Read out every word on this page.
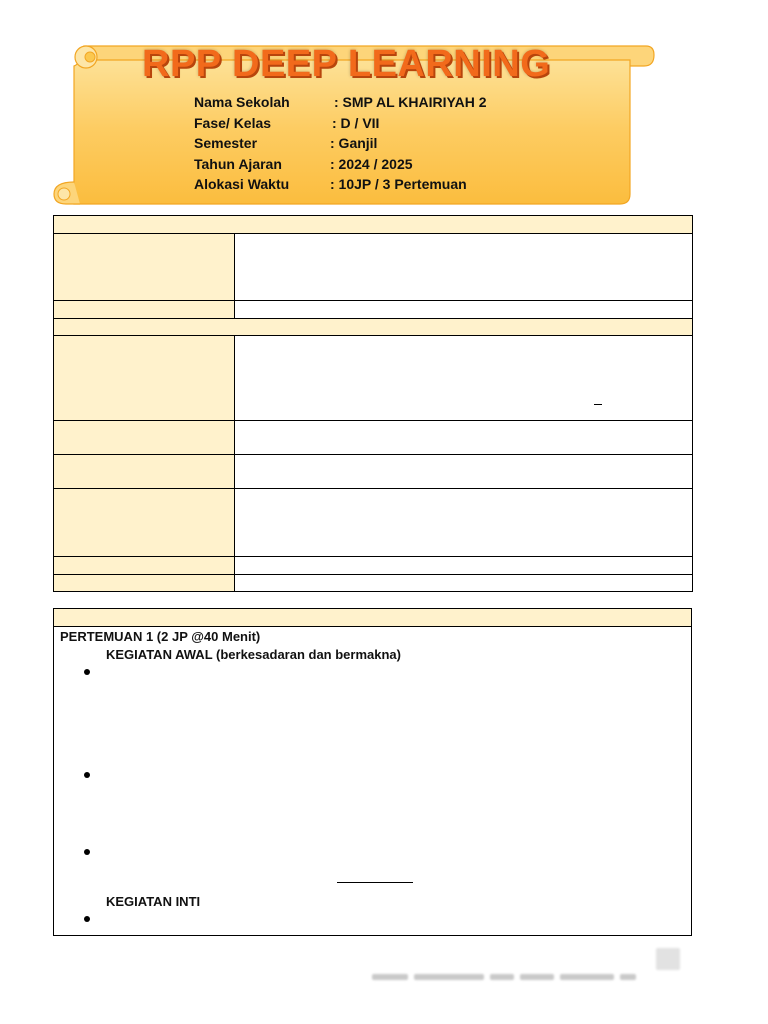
RPP DEEP LEARNING
Nama Sekolah	: SMP AL KHAIRIYAH 2
Fase/ Kelas	: D / VII
Semester	: Ganjil
Tahun Ajaran	: 2024 / 2025
Alokasi Waktu	: 10JP / 3 Pertemuan

PERTEMUAN 1 (2 JP @40 Menit)
KEGIATAN AWAL (berkesadaran dan bermakna)
KEGIATAN INTI
